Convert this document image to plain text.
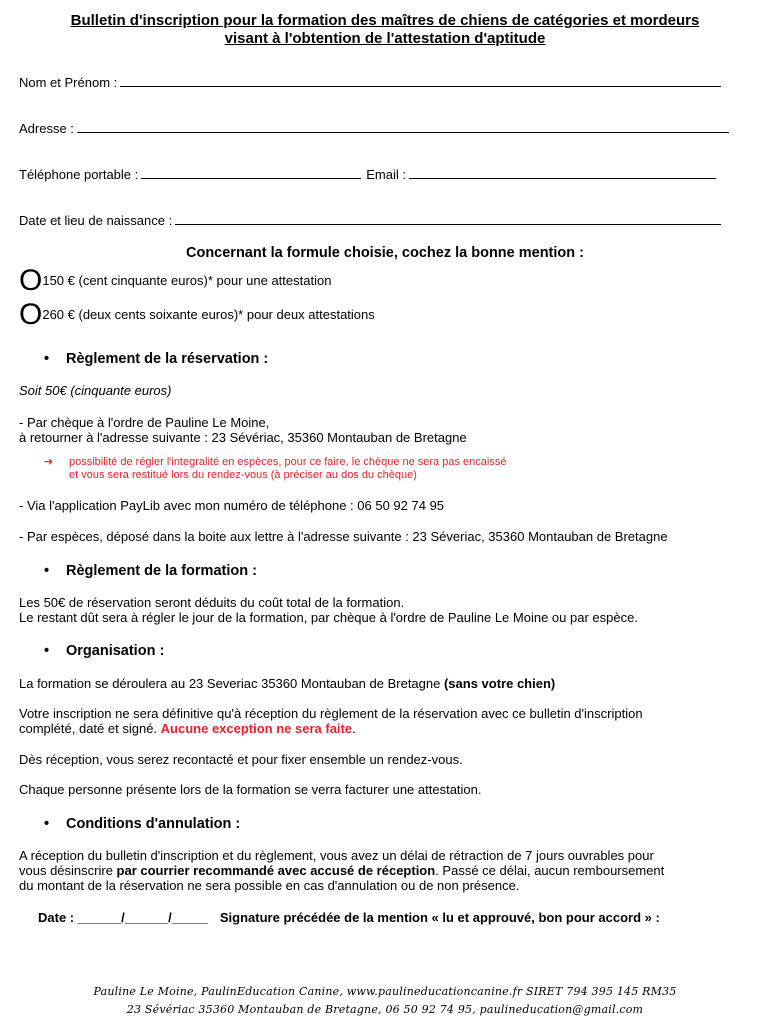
Bulletin d'inscription pour la formation des maîtres de chiens de catégories et mordeurs
visant à l'obtention de l'attestation d'aptitude
Nom et Prénom :
Adresse :
Téléphone portable :	Email :
Date et lieu de naissance :
Concernant la formule choisie, cochez la bonne mention :
O150 € (cent cinquante euros)* pour une attestation
O260 € (deux cents soixante euros)* pour deux attestations
• Règlement de la réservation :
Soit 50€ (cinquante euros)
- Par chèque à l'ordre de Pauline Le Moine,
à retourner à l'adresse suivante : 23 Sévériac, 35360 Montauban de Bretagne
➔ possibilité de régler l'integralité en espèces, pour ce faire, le chèque ne sera pas encaissé
et vous sera restitué lors du rendez-vous (à préciser au dos du chèque)
- Via l'application PayLib avec mon numéro de téléphone : 06 50 92 74 95
- Par espèces, déposé dans la boite aux lettre à l'adresse suivante : 23 Séveriac, 35360 Montauban de Bretagne
• Règlement de la formation :
Les 50€ de réservation seront déduits du coût total de la formation.
Le restant dût sera à régler le jour de la formation, par chèque à l'ordre de Pauline Le Moine ou par espèce.
• Organisation :
La formation se déroulera au 23 Severiac 35360 Montauban de Bretagne (sans votre chien)
Votre inscription ne sera définitive qu'à réception du règlement de la réservation avec ce bulletin d'inscription
complété, daté et signé. Aucune exception ne sera faite.
Dès réception, vous serez recontacté et pour fixer ensemble un rendez-vous.
Chaque personne présente lors de la formation se verra facturer une attestation.
• Conditions d'annulation :
A réception du bulletin d'inscription et du règlement, vous avez un délai de rétraction de 7 jours ouvrables pour
vous désinscrire par courrier recommandé avec accusé de réception. Passé ce délai, aucun remboursement
du montant de la réservation ne sera possible en cas d'annulation ou de non présence.
Date : ______/______/_____ Signature précédée de la mention « lu et approuvé, bon pour accord » :
Pauline Le Moine, PaulinEducation Canine, www.paulineducationcanine.fr SIRET 794 395 145 RM35
23 Sévériac 35360 Montauban de Bretagne, 06 50 92 74 95, paulineducation@gmail.com
